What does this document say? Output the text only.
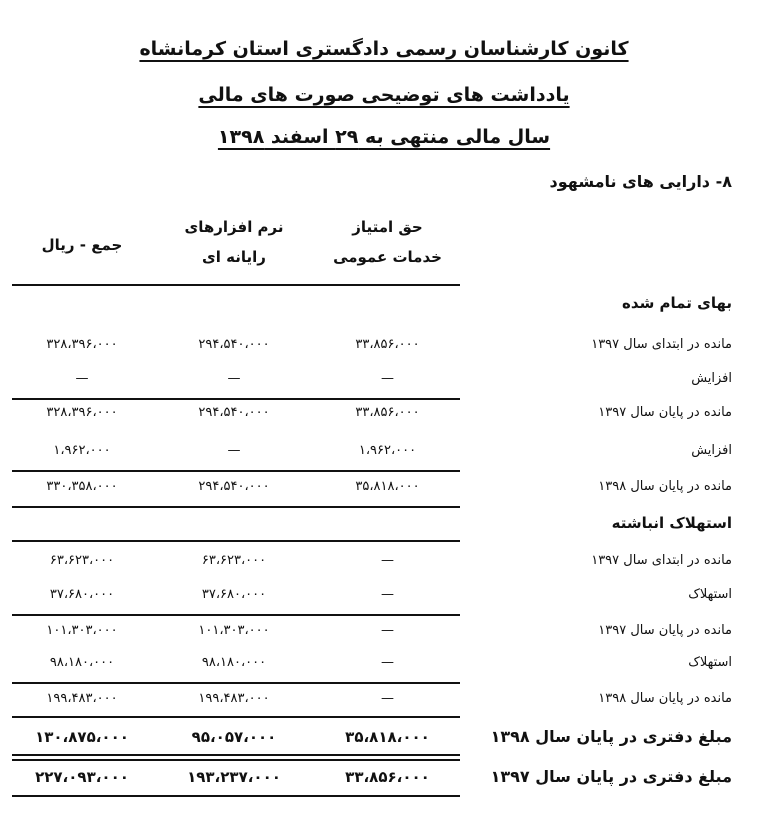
کانون کارشناسان رسمی دادگستری استان کرمانشاه
یادداشت های توضیحی صورت های مالی
سال مالی منتهی به ۲۹ اسفند ۱۳۹۸
۸- دارایی های نامشهود
حق امتیاز
خدمات عمومی
نرم افزارهای
رایانه ای
جمع - ریال
بهای تمام شده
مانده در ابتدای سال ۱۳۹۷
۳۳،۸۵۶،۰۰۰
۲۹۴،۵۴۰،۰۰۰
۳۲۸،۳۹۶،۰۰۰
افزایش
—
—
—
مانده در پایان سال ۱۳۹۷
۳۳،۸۵۶،۰۰۰
۲۹۴،۵۴۰،۰۰۰
۳۲۸،۳۹۶،۰۰۰
افزایش
۱،۹۶۲،۰۰۰
—
۱،۹۶۲،۰۰۰
مانده در پایان سال ۱۳۹۸
۳۵،۸۱۸،۰۰۰
۲۹۴،۵۴۰،۰۰۰
۳۳۰،۳۵۸،۰۰۰
استهلاک انباشته
مانده در ابتدای سال ۱۳۹۷
—
۶۳،۶۲۳،۰۰۰
۶۳،۶۲۳،۰۰۰
استهلاک
—
۳۷،۶۸۰،۰۰۰
۳۷،۶۸۰،۰۰۰
مانده در پایان سال ۱۳۹۷
—
۱۰۱،۳۰۳،۰۰۰
۱۰۱،۳۰۳،۰۰۰
استهلاک
—
۹۸،۱۸۰،۰۰۰
۹۸،۱۸۰،۰۰۰
مانده در پایان سال ۱۳۹۸
—
۱۹۹،۴۸۳،۰۰۰
۱۹۹،۴۸۳،۰۰۰
مبلغ دفتری در پایان سال ۱۳۹۸
۳۵،۸۱۸،۰۰۰
۹۵،۰۵۷،۰۰۰
۱۳۰،۸۷۵،۰۰۰
مبلغ دفتری در پایان سال ۱۳۹۷
۳۳،۸۵۶،۰۰۰
۱۹۳،۲۳۷،۰۰۰
۲۲۷،۰۹۳،۰۰۰
